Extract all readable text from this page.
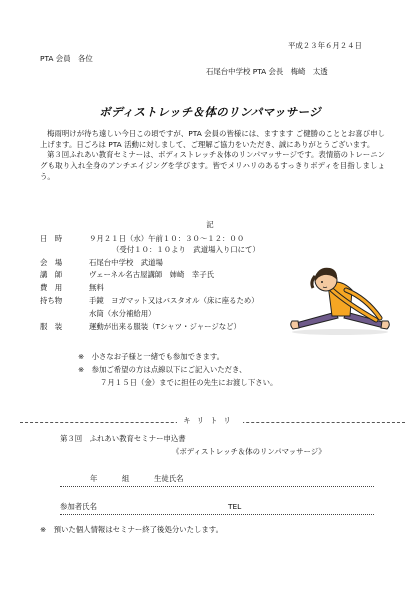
平成２３年６月２４日
PTA 会員　各位
石尾台中学校 PTA 会長　梅崎　太透
ボディストレッチ＆体のリンパマッサージ

梅雨明けが待ち遠しい今日この頃ですが、PTA 会員の皆様には、ますます ご健勝のこととお喜び申し上げます。日ごろは PTA 活動に対しまして、ご理解ご協力をいただき、誠にありがとうございます。

第３回ふれあい教育セミナーは、ボディストレッチ＆体のリンパマッサージです。表情筋のトレーニングも取り入れ全身のアンチエイジングを学びます。皆でメリハリのあるすっきりボディを目指しましょう。

記
日　時	９月２１日（水）午前１０：３０～１２：００
（受付１０：１０より　武道場入り口にて）
会　場	石尾台中学校　武道場
講　師	ヴェーネル名古屋講師　姉崎　幸子氏
費　用	無料
持ち物	手鏡　ヨガマット又はバスタオル（床に座るため）
水筒（水分補給用）
服　装	運動が出来る服装（Tシャツ・ジャージなど）
※　小さなお子様と一緒でも参加できます。
※　参加ご希望の方は点線以下にご記入いただき、
７月１５日（金）までに担任の先生にお渡し下さい。
キリトリ
第３回　ふれあい教育セミナー申込書
《ボディストレッチ＆体のリンパマッサージ》
年	組	生徒氏名
参加者氏名	TEL
※　預いた個人情報はセミナー終了後処分いたします。
